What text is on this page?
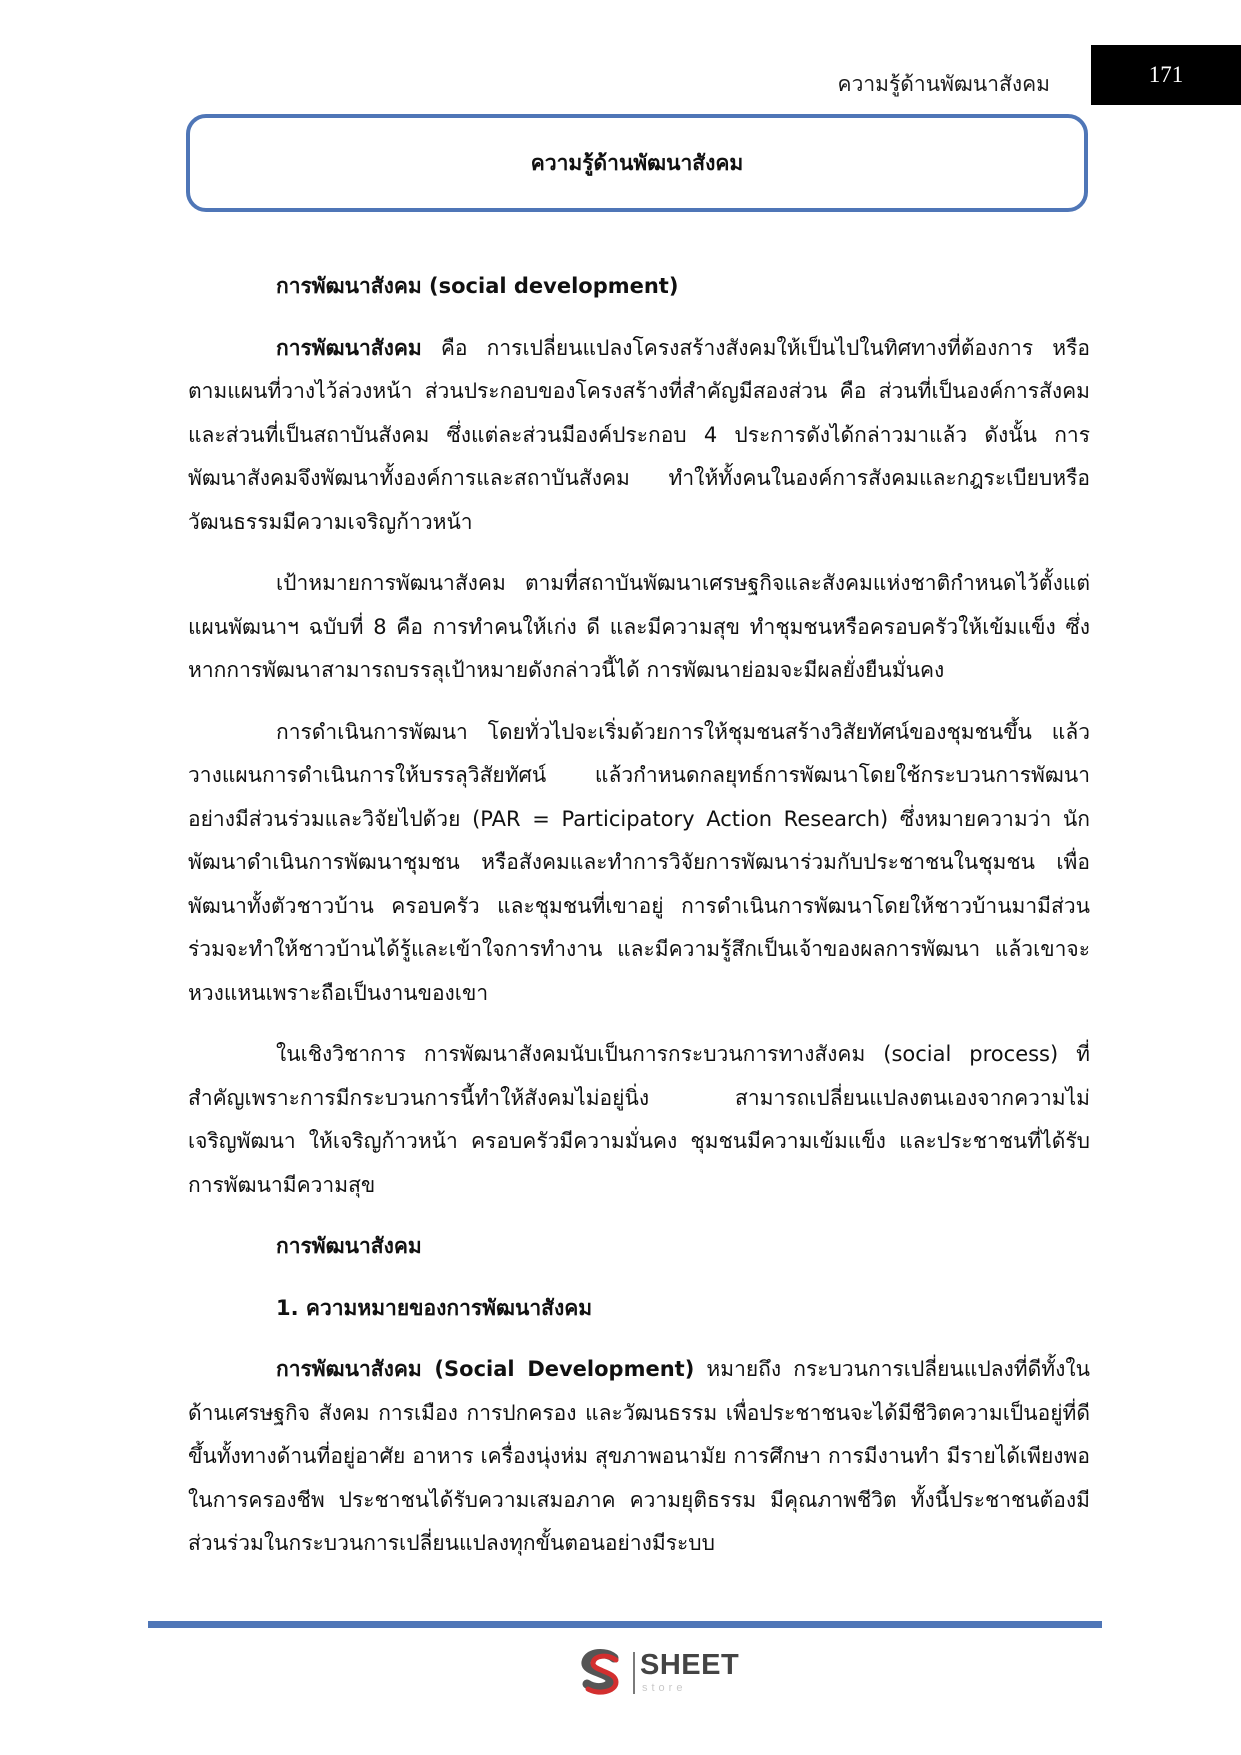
ความรู้ด้านพัฒนาสังคม	171
ความรู้ด้านพัฒนาสังคม

การพัฒนาสังคม (social development)

การพัฒนาสังคม คือ การเปลี่ยนแปลงโครงสร้างสังคมให้เป็นไปในทิศทางที่ต้องการ หรือตามแผนที่วางไว้ล่วงหน้า ส่วนประกอบของโครงสร้างที่สำคัญมีสองส่วน คือ ส่วนที่เป็นองค์การสังคมและส่วนที่เป็นสถาบันสังคม ซึ่งแต่ละส่วนมีองค์ประกอบ 4 ประการดังได้กล่าวมาแล้ว ดังนั้น การพัฒนาสังคมจึงพัฒนาทั้งองค์การและสถาบันสังคม ทำให้ทั้งคนในองค์การสังคมและกฎระเบียบหรือวัฒนธรรมมีความเจริญก้าวหน้า

เป้าหมายการพัฒนาสังคม ตามที่สถาบันพัฒนาเศรษฐกิจและสังคมแห่งชาติกำหนดไว้ตั้งแต่แผนพัฒนาฯ ฉบับที่ 8 คือ การทำคนให้เก่ง ดี และมีความสุข ทำชุมชนหรือครอบครัวให้เข้มแข็ง ซึ่งหากการพัฒนาสามารถบรรลุเป้าหมายดังกล่าวนี้ได้ การพัฒนาย่อมจะมีผลยั่งยืนมั่นคง

การดำเนินการพัฒนา โดยทั่วไปจะเริ่มด้วยการให้ชุมชนสร้างวิสัยทัศน์ของชุมชนขึ้น แล้ววางแผนการดำเนินการให้บรรลุวิสัยทัศน์ แล้วกำหนดกลยุทธ์การพัฒนาโดยใช้กระบวนการพัฒนาอย่างมีส่วนร่วมและวิจัยไปด้วย (PAR = Participatory Action Research) ซึ่งหมายความว่า นักพัฒนาดำเนินการพัฒนาชุมชน หรือสังคมและทำการวิจัยการพัฒนาร่วมกับประชาชนในชุมชน เพื่อพัฒนาทั้งตัวชาวบ้าน ครอบครัว และชุมชนที่เขาอยู่ การดำเนินการพัฒนาโดยให้ชาวบ้านมามีส่วนร่วมจะทำให้ชาวบ้านได้รู้และเข้าใจการทำงาน และมีความรู้สึกเป็นเจ้าของผลการพัฒนา แล้วเขาจะหวงแหนเพราะถือเป็นงานของเขา

ในเชิงวิชาการ การพัฒนาสังคมนับเป็นการกระบวนการทางสังคม (social process) ที่สำคัญเพราะการมีกระบวนการนี้ทำให้สังคมไม่อยู่นิ่ง สามารถเปลี่ยนแปลงตนเองจากความไม่เจริญพัฒนา ให้เจริญก้าวหน้า ครอบครัวมีความมั่นคง ชุมชนมีความเข้มแข็ง และประชาชนที่ได้รับการพัฒนามีความสุข

การพัฒนาสังคม

1. ความหมายของการพัฒนาสังคม

การพัฒนาสังคม (Social Development) หมายถึง กระบวนการเปลี่ยนแปลงที่ดีทั้งในด้านเศรษฐกิจ สังคม การเมือง การปกครอง และวัฒนธรรม เพื่อประชาชนจะได้มีชีวิตความเป็นอยู่ที่ดีขึ้นทั้งทางด้านที่อยู่อาศัย อาหาร เครื่องนุ่งห่ม สุขภาพอนามัย การศึกษา การมีงานทำ มีรายได้เพียงพอในการครองชีพ ประชาชนได้รับความเสมอภาค ความยุติธรรม มีคุณภาพชีวิต ทั้งนี้ประชาชนต้องมีส่วนร่วมในกระบวนการเปลี่ยนแปลงทุกขั้นตอนอย่างมีระบบ

SHEET
store
